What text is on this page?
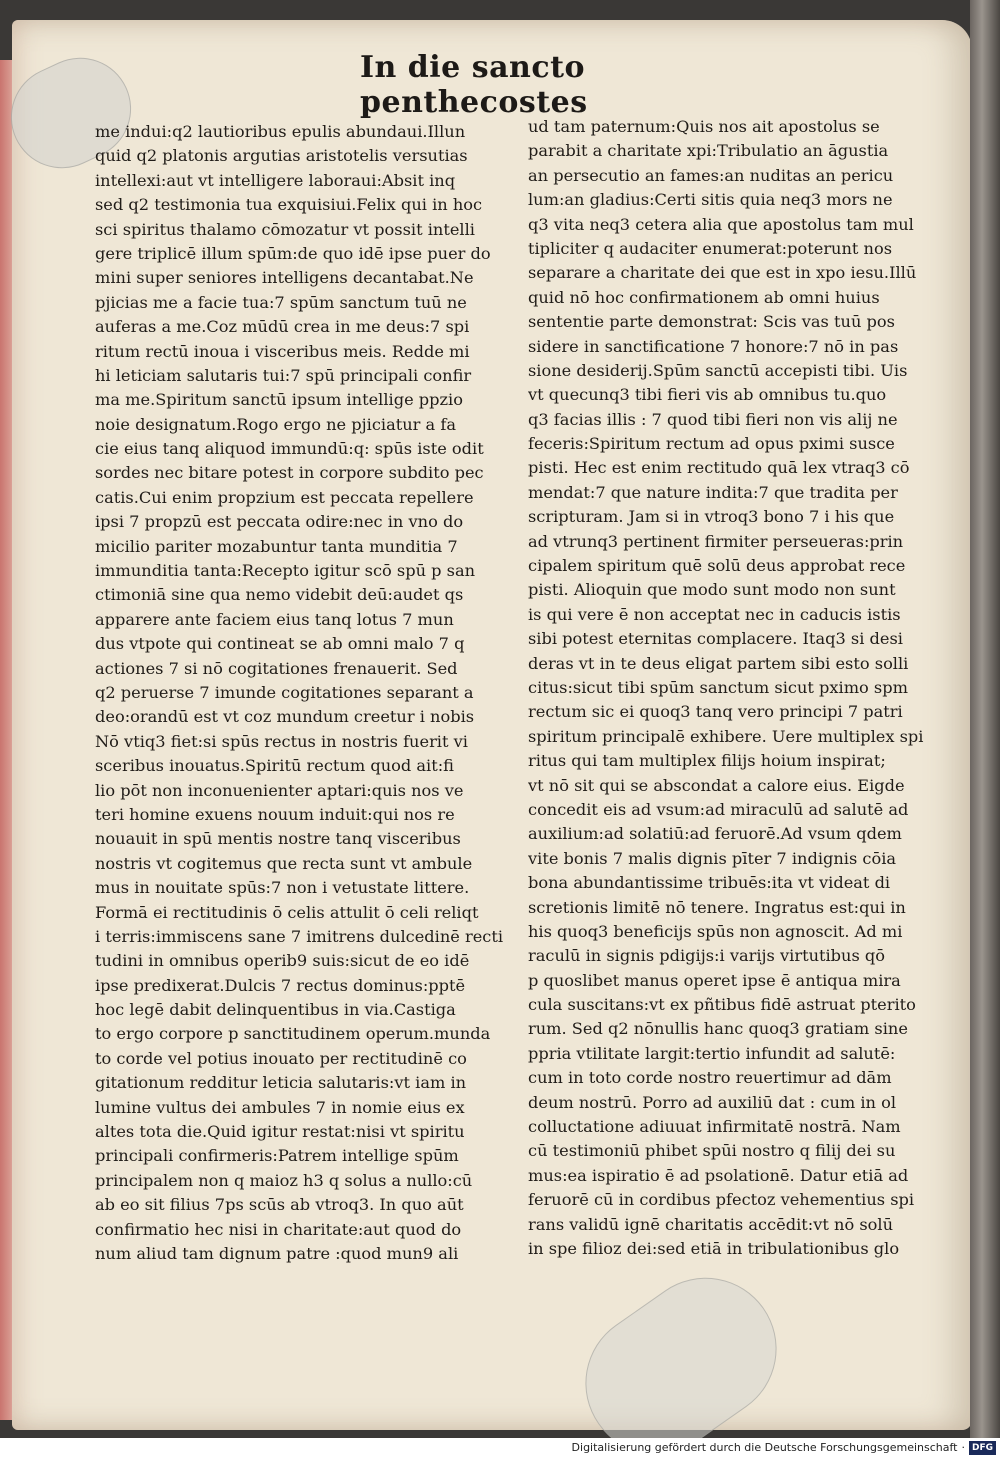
In die sancto penthecostes
me indui:q2 lautioribus epulis abundaui.Illun
quid q2 platonis argutias aristotelis versutias
intellexi:aut vt intelligere laboraui:Absit inq
sed q2 testimonia tua exquisiui.Felix qui in hoc
sci spiritus thalamo cōmozatur vt possit intelli
gere triplicē illum spūm:de quo idē ipse puer do
mini super seniores intelligens decantabat.Ne
pjicias me a facie tua:7 spūm sanctum tuū ne
auferas a me.Coz mūdū crea in me deus:7 spi
ritum rectū inoua i visceribus meis. Redde mi
hi leticiam salutaris tui:7 spū principali confir
ma me.Spiritum sanctū ipsum intellige ppzio
noie designatum.Rogo ergo ne pjiciatur a fa
cie eius tanq aliquod immundū:q: spūs iste odit
sordes nec bitare potest in corpore subdito pec
catis.Cui enim propzium est peccata repellere
ipsi 7 propzū est peccata odire:nec in vno do
micilio pariter mozabuntur tanta munditia 7
immunditia tanta:Recepto igitur scō spū p san
ctimoniā sine qua nemo videbit deū:audet qs
apparere ante faciem eius tanq lotus 7 mun
dus vtpote qui contineat se ab omni malo 7 q
actiones 7 si nō cogitationes frenauerit. Sed
q2 peruerse 7 imunde cogitationes separant a
deo:orandū est vt coz mundum creetur i nobis
Nō vtiq3 fiet:si spūs rectus in nostris fuerit vi
sceribus inouatus.Spiritū rectum quod ait:fi
lio pōt non inconuenienter aptari:quis nos ve
teri homine exuens nouum induit:qui nos re
nouauit in spū mentis nostre tanq visceribus
nostris vt cogitemus que recta sunt vt ambule
mus in nouitate spūs:7 non i vetustate littere.
Formā ei rectitudinis ō celis attulit ō celi reliqt
i terris:immiscens sane 7 imitrens dulcedinē recti
tudini in omnibus operib9 suis:sicut de eo idē
ipse predixerat.Dulcis 7 rectus dominus:pptē
hoc legē dabit delinquentibus in via.Castiga
to ergo corpore p sanctitudinem operum.munda
to corde vel potius inouato per rectitudinē co
gitationum redditur leticia salutaris:vt iam in
lumine vultus dei ambules 7 in nomie eius ex
altes tota die.Quid igitur restat:nisi vt spiritu
principali confirmeris:Patrem intellige spūm
principalem non q maioz h3 q solus a nullo:cū
ab eo sit filius 7ps scūs ab vtroq3. In quo aūt
confirmatio hec nisi in charitate:aut quod do
num aliud tam dignum patre :quod mun9 ali
ud tam paternum:Quis nos ait apostolus se
parabit a charitate xpi:Tribulatio an āgustia
an persecutio an fames:an nuditas an pericu
lum:an gladius:Certi sitis quia neq3 mors ne
q3 vita neq3 cetera alia que apostolus tam mul
tipliciter q audaciter enumerat:poterunt nos
separare a charitate dei que est in xpo iesu.Illū
quid nō hoc confirmationem ab omni huius
sententie parte demonstrat: Scis vas tuū pos
sidere in sanctificatione 7 honore:7 nō in pas
sione desiderij.Spūm sanctū accepisti tibi. Uis
vt quecunq3 tibi fieri vis ab omnibus tu.quo
q3 facias illis : 7 quod tibi fieri non vis alij ne
feceris:Spiritum rectum ad opus pximi susce
pisti. Hec est enim rectitudo quā lex vtraq3 cō
mendat:7 que nature indita:7 que tradita per
scripturam. Jam si in vtroq3 bono 7 i his que
ad vtrunq3 pertinent firmiter perseueras:prin
cipalem spiritum quē solū deus approbat rece
pisti. Alioquin que modo sunt modo non sunt
is qui vere ē non acceptat nec in caducis istis
sibi potest eternitas complacere. Itaq3 si desi
deras vt in te deus eligat partem sibi esto solli
citus:sicut tibi spūm sanctum sicut pximo spm
rectum sic ei quoq3 tanq vero principi 7 patri
spiritum principalē exhibere. Uere multiplex spi
ritus qui tam multiplex filijs hoium inspirat;
vt nō sit qui se abscondat a calore eius. Eigde
concedit eis ad vsum:ad miraculū ad salutē ad
auxilium:ad solatiū:ad feruorē.Ad vsum qdem
vite bonis 7 malis dignis pīter 7 indignis cōia
bona abundantissime tribuēs:ita vt videat di
scretionis limitē nō tenere. Ingratus est:qui in
his quoq3 beneficijs spūs non agnoscit. Ad mi
raculū in signis pdigijs:i varijs virtutibus qō
p quoslibet manus operet ipse ē antiqua mira
cula suscitans:vt ex pñtibus fidē astruat pterito
rum. Sed q2 nōnullis hanc quoq3 gratiam sine
ppria vtilitate largit:tertio infundit ad salutē:
cum in toto corde nostro reuertimur ad dām
deum nostrū. Porro ad auxiliū dat : cum in ol
colluctatione adiuuat infirmitatē nostrā. Nam
cū testimoniū phibet spūi nostro q filij dei su
mus:ea ispiratio ē ad psolationē. Datur etiā ad
feruorē cū in cordibus pfectoz vehementius spi
rans validū ignē charitatis accēdit:vt nō solū
in spe filioz dei:sed etiā in tribulationibus glo
Digitalisierung gefördert durch die Deutsche Forschungsgemeinschaft · DFG
